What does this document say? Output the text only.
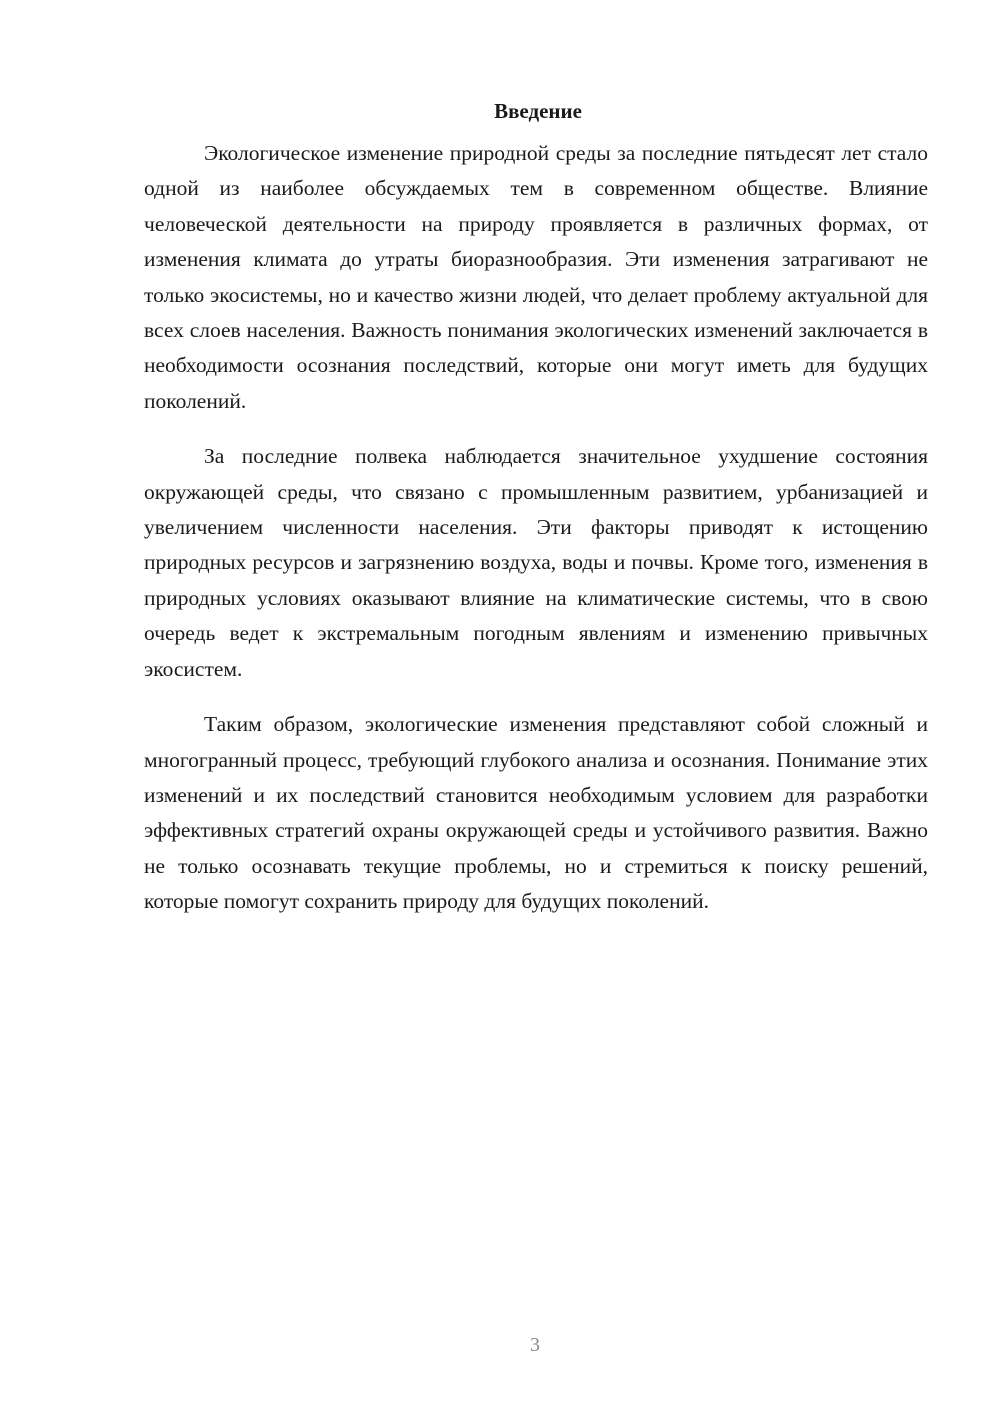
Введение

Экологическое изменение природной среды за последние пятьдесят лет стало одной из наиболее обсуждаемых тем в современном обществе. Влияние человеческой деятельности на природу проявляется в различных формах, от изменения климата до утраты биоразнообразия. Эти изменения затрагивают не только экосистемы, но и качество жизни людей, что делает проблему актуальной для всех слоев населения. Важность понимания экологических изменений заключается в необходимости осознания последствий, которые они могут иметь для будущих поколений.

За последние полвека наблюдается значительное ухудшение состояния окружающей среды, что связано с промышленным развитием, урбанизацией и увеличением численности населения. Эти факторы приводят к истощению природных ресурсов и загрязнению воздуха, воды и почвы. Кроме того, изменения в природных условиях оказывают влияние на климатические системы, что в свою очередь ведет к экстремальным погодным явлениям и изменению привычных экосистем.

Таким образом, экологические изменения представляют собой сложный и многогранный процесс, требующий глубокого анализа и осознания. Понимание этих изменений и их последствий становится необходимым условием для разработки эффективных стратегий охраны окружающей среды и устойчивого развития. Важно не только осознавать текущие проблемы, но и стремиться к поиску решений, которые помогут сохранить природу для будущих поколений.

3
